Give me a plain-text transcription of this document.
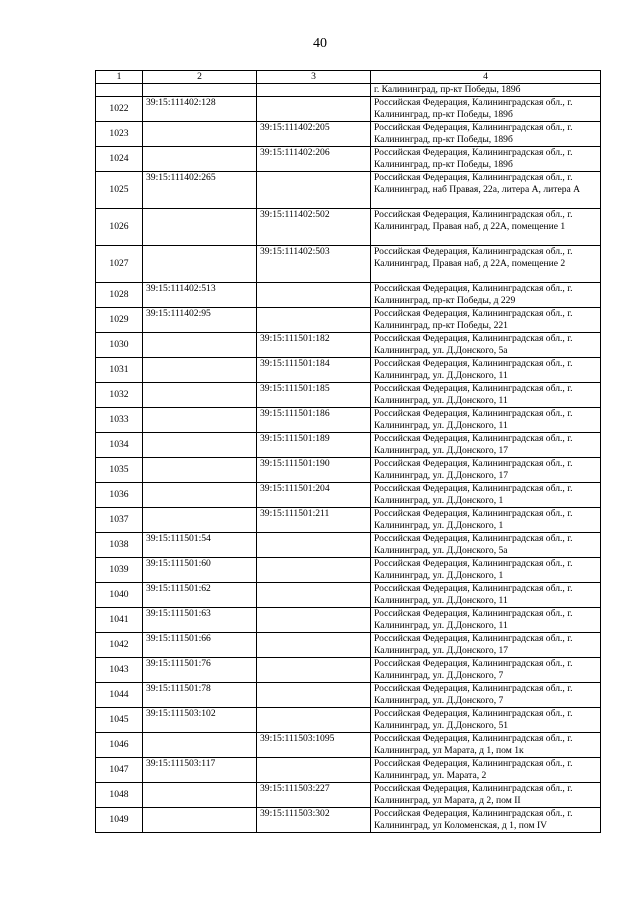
40
1	2	3	4
			г. Калининград, пр-кт Победы, 189б
1022	39:15:111402:128		Российская Федерация, Калининградская обл., г. Калининград, пр-кт Победы, 189б
1023		39:15:111402:205	Российская Федерация, Калининградская обл., г. Калининград, пр-кт Победы, 189б
1024		39:15:111402:206	Российская Федерация, Калининградская обл., г. Калининград, пр-кт Победы, 189б
1025	39:15:111402:265		Российская Федерация, Калининградская обл., г. Калининград, наб Правая, 22а, литера А, литера А
1026		39:15:111402:502	Российская Федерация, Калининградская обл., г. Калининград, Правая наб, д 22А, помещение 1
1027		39:15:111402:503	Российская Федерация, Калининградская обл., г. Калининград, Правая наб, д 22А, помещение 2
1028	39:15:111402:513		Российская Федерация, Калининградская обл., г. Калининград, пр-кт Победы, д 229
1029	39:15:111402:95		Российская Федерация, Калининградская обл., г. Калининград, пр-кт Победы, 221
1030		39:15:111501:182	Российская Федерация, Калининградская обл., г. Калининград, ул. Д.Донского, 5а
1031		39:15:111501:184	Российская Федерация, Калининградская обл., г. Калининград, ул. Д.Донского, 11
1032		39:15:111501:185	Российская Федерация, Калининградская обл., г. Калининград, ул. Д.Донского, 11
1033		39:15:111501:186	Российская Федерация, Калининградская обл., г. Калининград, ул. Д.Донского, 11
1034		39:15:111501:189	Российская Федерация, Калининградская обл., г. Калининград, ул. Д.Донского, 17
1035		39:15:111501:190	Российская Федерация, Калининградская обл., г. Калининград, ул. Д.Донского, 17
1036		39:15:111501:204	Российская Федерация, Калининградская обл., г. Калининград, ул. Д.Донского, 1
1037		39:15:111501:211	Российская Федерация, Калининградская обл., г. Калининград, ул. Д.Донского, 1
1038	39:15:111501:54		Российская Федерация, Калининградская обл., г. Калининград, ул. Д.Донского, 5а
1039	39:15:111501:60		Российская Федерация, Калининградская обл., г. Калининград, ул. Д.Донского, 1
1040	39:15:111501:62		Российская Федерация, Калининградская обл., г. Калининград, ул. Д.Донского, 11
1041	39:15:111501:63		Российская Федерация, Калининградская обл., г. Калининград, ул. Д.Донского, 11
1042	39:15:111501:66		Российская Федерация, Калининградская обл., г. Калининград, ул. Д.Донского, 17
1043	39:15:111501:76		Российская Федерация, Калининградская обл., г. Калининград, ул. Д.Донского, 7
1044	39:15:111501:78		Российская Федерация, Калининградская обл., г. Калининград, ул. Д.Донского, 7
1045	39:15:111503:102		Российская Федерация, Калининградская обл., г. Калининград, ул. Д.Донского, 51
1046		39:15:111503:1095	Российская Федерация, Калининградская обл., г. Калининград, ул Марата, д 1, пом 1к
1047	39:15:111503:117		Российская Федерация, Калининградская обл., г. Калининград, ул. Марата, 2
1048		39:15:111503:227	Российская Федерация, Калининградская обл., г. Калининград, ул Марата, д 2, пом II
1049		39:15:111503:302	Российская Федерация, Калининградская обл., г. Калининград, ул Коломенская, д 1, пом IV
